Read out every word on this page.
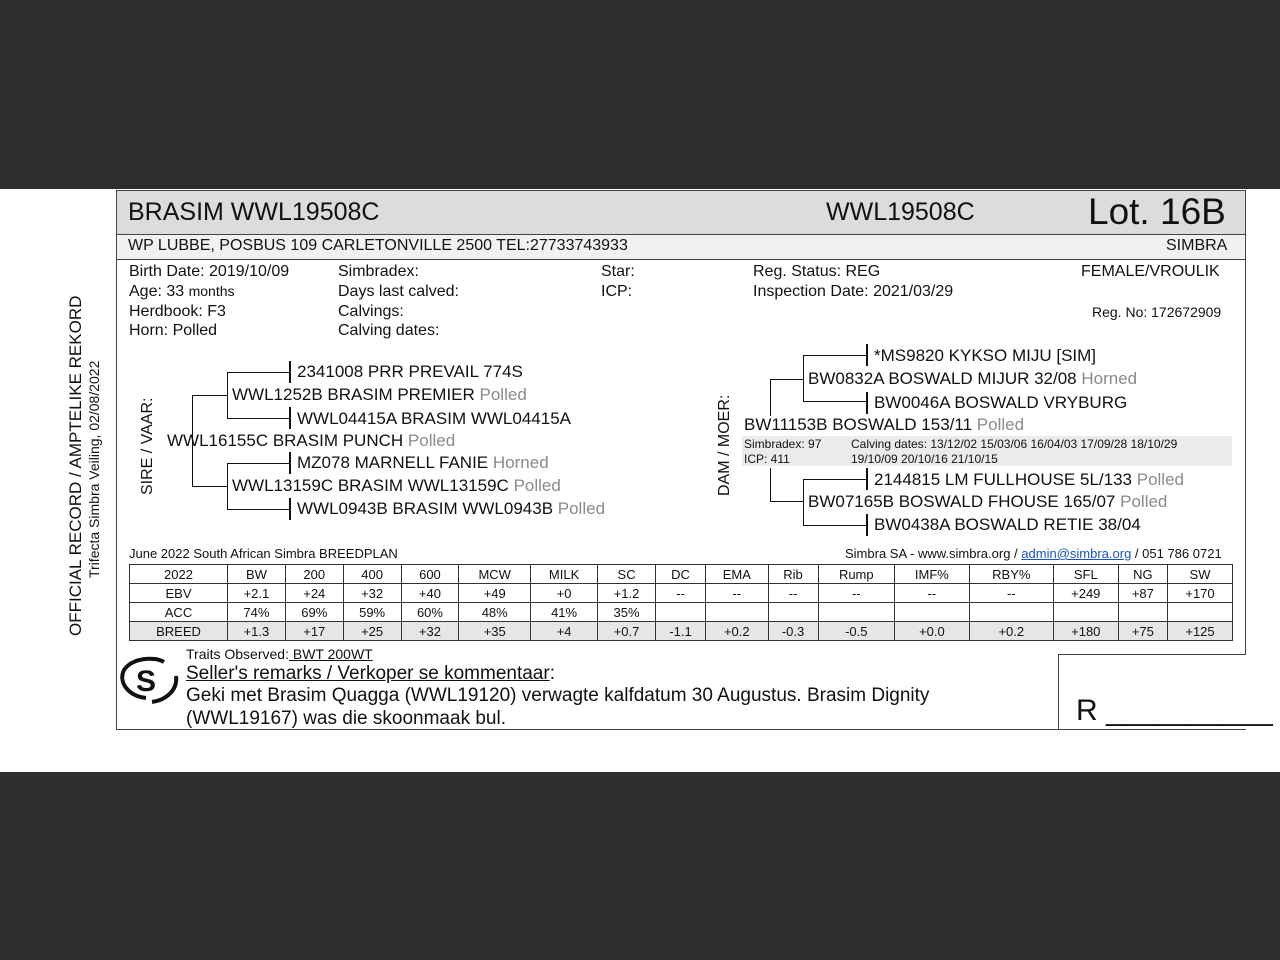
OFFICIAL RECORD / AMPTELIKE REKORD Trifecta Simbra Veiling, 02/08/2022
BRASIM WWL19508C	WWL19508C	Lot. 16B
WP LUBBE, POSBUS 109 CARLETONVILLE 2500 TEL:27733743933	SIMBRA
Birth Date: 2019/10/09
Age: 33 months
Herdbook: F3
Horn: Polled
Simbradex:
Days last calved:
Calvings:
Calving dates:
Star:
ICP:
Reg. Status: REG
Inspection Date: 2021/03/29
FEMALE/VROULIK
Reg. No: 172672909
SIRE / VAAR:	DAM / MOER:
2341008 PRR PREVAIL 774S
WWL1252B BRASIM PREMIER Polled
WWL04415A BRASIM WWL04415A
WWL16155C BRASIM PUNCH Polled
MZ078 MARNELL FANIE Horned
WWL13159C BRASIM WWL13159C Polled
WWL0943B BRASIM WWL0943B Polled
*MS9820 KYKSO MIJU [SIM]
BW0832A BOSWALD MIJUR 32/08 Horned
BW0046A BOSWALD VRYBURG
BW11153B BOSWALD 153/11 Polled
Simbradex: 97
ICP: 411
Calving dates: 13/12/02 15/03/06 16/04/03 17/09/28 18/10/29
19/10/09 20/10/16 21/10/15
2144815 LM FULLHOUSE 5L/133 Polled
BW07165B BOSWALD FHOUSE 165/07 Polled
BW0438A BOSWALD RETIE 38/04
June 2022 South African Simbra BREEDPLAN	Simbra SA - www.simbra.org / admin@simbra.org / 051 786 0721
2022	BW	200	400	600	MCW	MILK	SC	DC	EMA	Rib	Rump	IMF%	RBY%	SFL	NG	SW
EBV	+2.1	+24	+32	+40	+49	+0	+1.2	--	--	--	--	--	--	+249	+87	+170
ACC	74%	69%	59%	60%	48%	41%	35%									
BREED	+1.3	+17	+25	+32	+35	+4	+0.7	-1.1	+0.2	-0.3	-0.5	+0.0	+0.2	+180	+75	+125
S
Traits Observed: BWT 200WT
Seller's remarks / Verkoper se kommentaar:
Geki met Brasim Quagga (WWL19120) verwagte kalfdatum 30 Augustus. Brasim Dignity
(WWL19167) was die skoonmaak bul.	R __________
